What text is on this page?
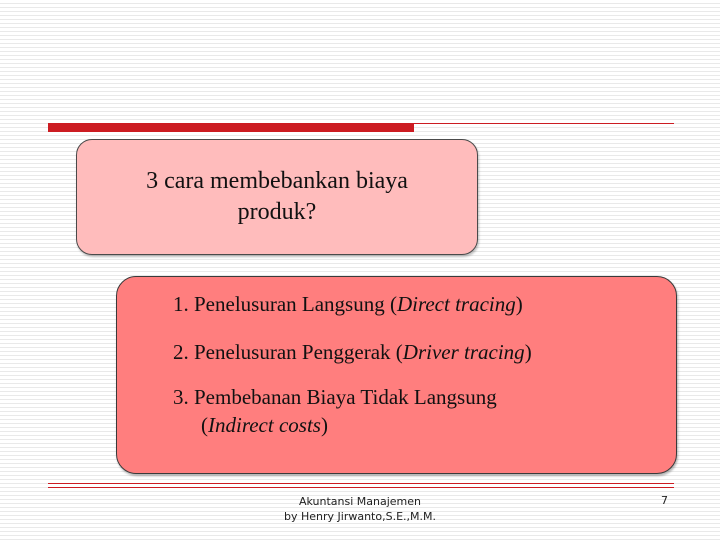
3 cara membebankan biaya
produk?
1. Penelusuran Langsung (Direct tracing)
2. Penelusuran Penggerak (Driver tracing)
3. Pembebanan Biaya Tidak Langsung
(Indirect costs)
Akuntansi Manajemen
by Henry Jirwanto,S.E.,M.M.
7
